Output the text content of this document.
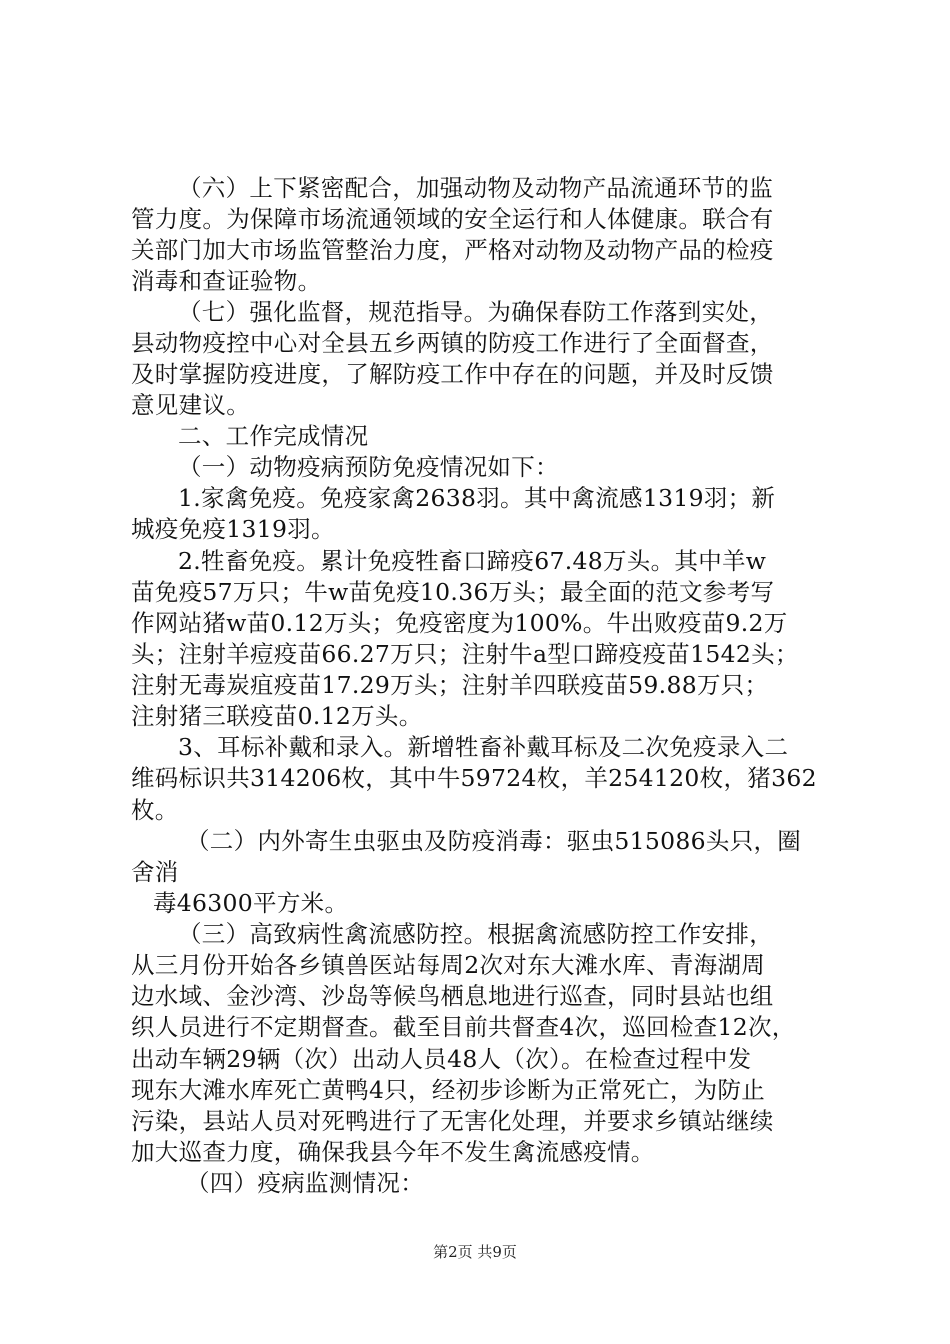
（六）上下紧密配合，加强动物及动物产品流通环节的监
管力度。为保障市场流通领域的安全运行和人体健康。联合有
关部门加大市场监管整治力度，严格对动物及动物产品的检疫
消毒和查证验物。
（七）强化监督，规范指导。为确保春防工作落到实处，
县动物疫控中心对全县五乡两镇的防疫工作进行了全面督查，
及时掌握防疫进度，了解防疫工作中存在的问题，并及时反馈
意见建议。
二、工作完成情况
（一）动物疫病预防免疫情况如下：
1.家禽免疫。免疫家禽2638羽。其中禽流感1319羽；新
城疫免疫1319羽。
2.牲畜免疫。累计免疫牲畜口蹄疫67.48万头。其中羊w
苗免疫57万只；牛w苗免疫10.36万头；最全面的范文参考写
作网站猪w苗0.12万头；免疫密度为100%。牛出败疫苗9.2万
头；注射羊痘疫苗66.27万只；注射牛a型口蹄疫疫苗1542头；
注射无毒炭疽疫苗17.29万头；注射羊四联疫苗59.88万只；
注射猪三联疫苗0.12万头。
3、耳标补戴和录入。新增牲畜补戴耳标及二次免疫录入二
维码标识共314206枚，其中牛59724枚，羊254120枚，猪362
枚。
（二）内外寄生虫驱虫及防疫消毒：驱虫515086头只，圈
舍消
毒46300平方米。
（三）高致病性禽流感防控。根据禽流感防控工作安排，
从三月份开始各乡镇兽医站每周2次对东大滩水库、青海湖周
边水域、金沙湾、沙岛等候鸟栖息地进行巡查，同时县站也组
织人员进行不定期督查。截至目前共督查4次，巡回检查12次，
出动车辆29辆（次）出动人员48人（次）。在检查过程中发
现东大滩水库死亡黄鸭4只，经初步诊断为正常死亡，为防止
污染，县站人员对死鸭进行了无害化处理，并要求乡镇站继续
加大巡查力度，确保我县今年不发生禽流感疫情。
（四）疫病监测情况：
第2页 共9页
